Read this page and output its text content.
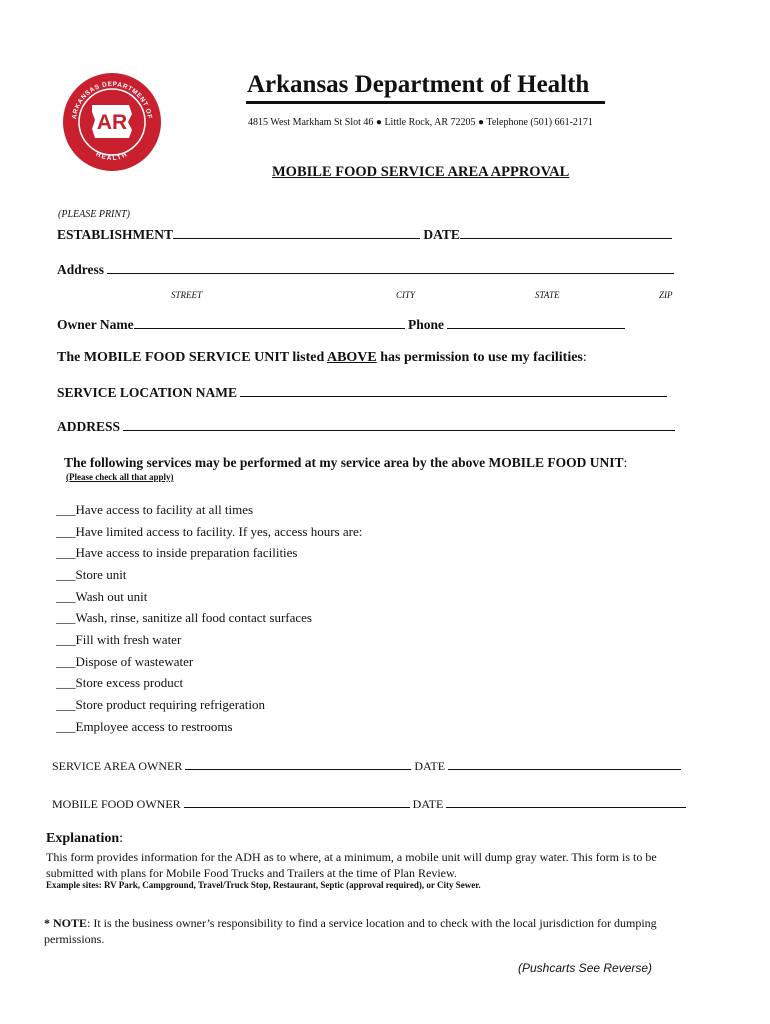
ARKANSAS DEPARTMENT OF
HEALTH
AR
Arkansas Department of Health
4815 West Markham St Slot 46 ● Little Rock, AR 72205 ● Telephone (501) 661-2171
MOBILE FOOD SERVICE AREA APPROVAL
(PLEASE PRINT)
ESTABLISHMENT	DATE
Address
STREET	CITY	STATE	ZIP
Owner Name	Phone
The MOBILE FOOD SERVICE UNIT listed ABOVE has permission to use my facilities:
SERVICE LOCATION NAME
ADDRESS
The following services may be performed at my service area by the above MOBILE FOOD UNIT:
(Please check all that apply)
___Have access to facility at all times
___Have limited access to facility. If yes, access hours are:
___Have access to inside preparation facilities
___Store unit
___Wash out unit
___Wash, rinse, sanitize all food contact surfaces
___Fill with fresh water
___Dispose of wastewater
___Store excess product
___Store product requiring refrigeration
___Employee access to restrooms
SERVICE AREA OWNER	DATE
MOBILE FOOD OWNER	DATE
Explanation:
This form provides information for the ADH as to where, at a minimum, a mobile unit will dump gray water. This form is to be submitted with plans for Mobile Food Trucks and Trailers at the time of Plan Review.
Example sites: RV Park, Campground, Travel/Truck Stop, Restaurant, Septic (approval required), or City Sewer.
* NOTE: It is the business owner’s responsibility to find a service location and to check with the local jurisdiction for dumping permissions.
(Pushcarts See Reverse)
